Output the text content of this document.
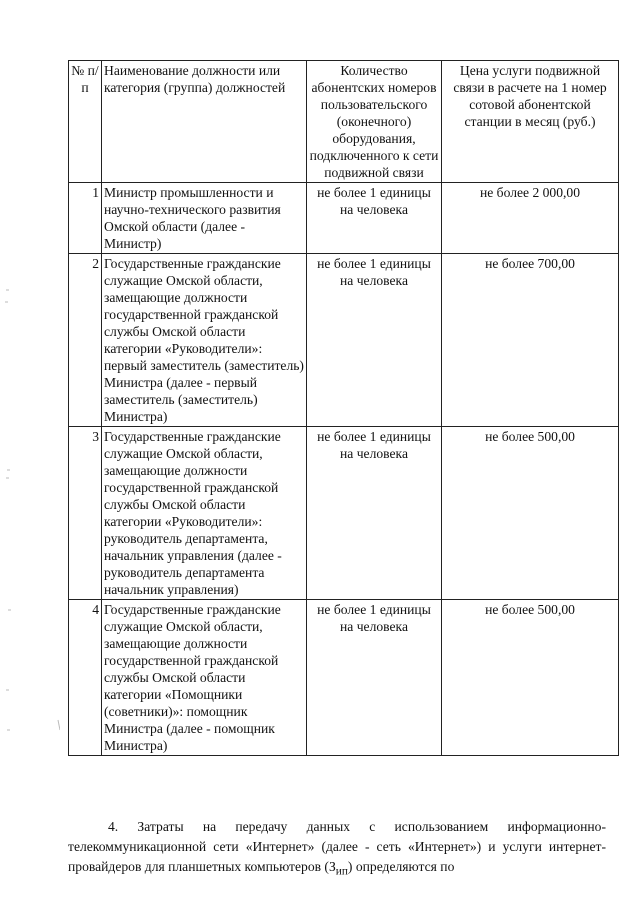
№ п/п	Наименование должности или категория (группа) должностей	Количество абонентских номеров пользовательского (оконечного) оборудования, подключенного к сети подвижной связи	Цена услуги подвижной связи в расчете на 1 номер сотовой абонентской станции в месяц (руб.)
1	Министр промышленности и научно-технического развития Омской области (далее - Министр)	не более 1 единицы на человека	не более 2 000,00
2	Государственные гражданские служащие Омской области, замещающие должности государственной гражданской службы Омской области категории «Руководители»: первый заместитель (заместитель) Министра (далее - первый заместитель (заместитель) Министра)	не более 1 единицы на человека	не более 700,00
3	Государственные гражданские служащие Омской области, замещающие должности государственной гражданской службы Омской области категории «Руководители»: руководитель департамента, начальник управления (далее - руководитель департамента начальник управления)	не более 1 единицы на человека	не более 500,00
4	Государственные гражданские служащие Омской области, замещающие должности государственной гражданской службы Омской области категории «Помощники (советники)»: помощник Министра (далее - помощник Министра)	не более 1 единицы на человека	не более 500,00

4. Затраты на передачу данных с использованием информационно-телекоммуникационной сети «Интернет» (далее - сеть «Интернет») и услуги интернет-провайдеров для планшетных компьютеров $(З_{ип})$ определяются по
